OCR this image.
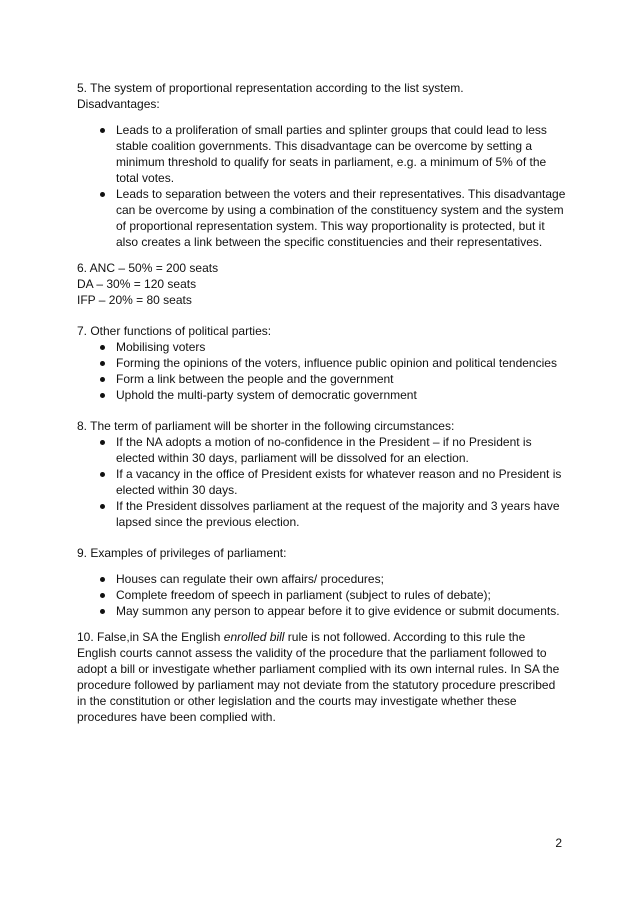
5. The system of proportional representation according to the list system.

Disadvantages:

Leads to a proliferation of small parties and splinter groups that could lead to less stable coalition governments. This disadvantage can be overcome by setting a minimum threshold to qualify for seats in parliament, e.g. a minimum of 5% of the total votes.
Leads to separation between the voters and their representatives. This disadvantage can be overcome by using a combination of the constituency system and the system of proportional representation system. This way proportionality is protected, but it also creates a link between the specific constituencies and their representatives.

6. ANC – 50% = 200 seats

DA – 30% = 120 seats

IFP – 20% = 80 seats

7. Other functions of political parties:

Mobilising voters
Forming the opinions of the voters, influence public opinion and political tendencies
Form a link between the people and the government
Uphold the multi-party system of democratic government

8. The term of parliament will be shorter in the following circumstances:

If the NA adopts a motion of no-confidence in the President – if no President is elected within 30 days, parliament will be dissolved for an election.
If a vacancy in the office of President exists for whatever reason and no President is elected within 30 days.
If the President dissolves parliament at the request of the majority and 3 years have lapsed since the previous election.

9. Examples of privileges of parliament:

Houses can regulate their own affairs/ procedures;
Complete freedom of speech in parliament (subject to rules of debate);
May summon any person to appear before it to give evidence or submit documents.

10. False,in SA the English enrolled bill rule is not followed. According to this rule the English courts cannot assess the validity of the procedure that the parliament followed to adopt a bill or investigate whether parliament complied with its own internal rules. In SA the procedure followed by parliament may not deviate from the statutory procedure prescribed in the constitution or other legislation and the courts may investigate whether these procedures have been complied with.

2
